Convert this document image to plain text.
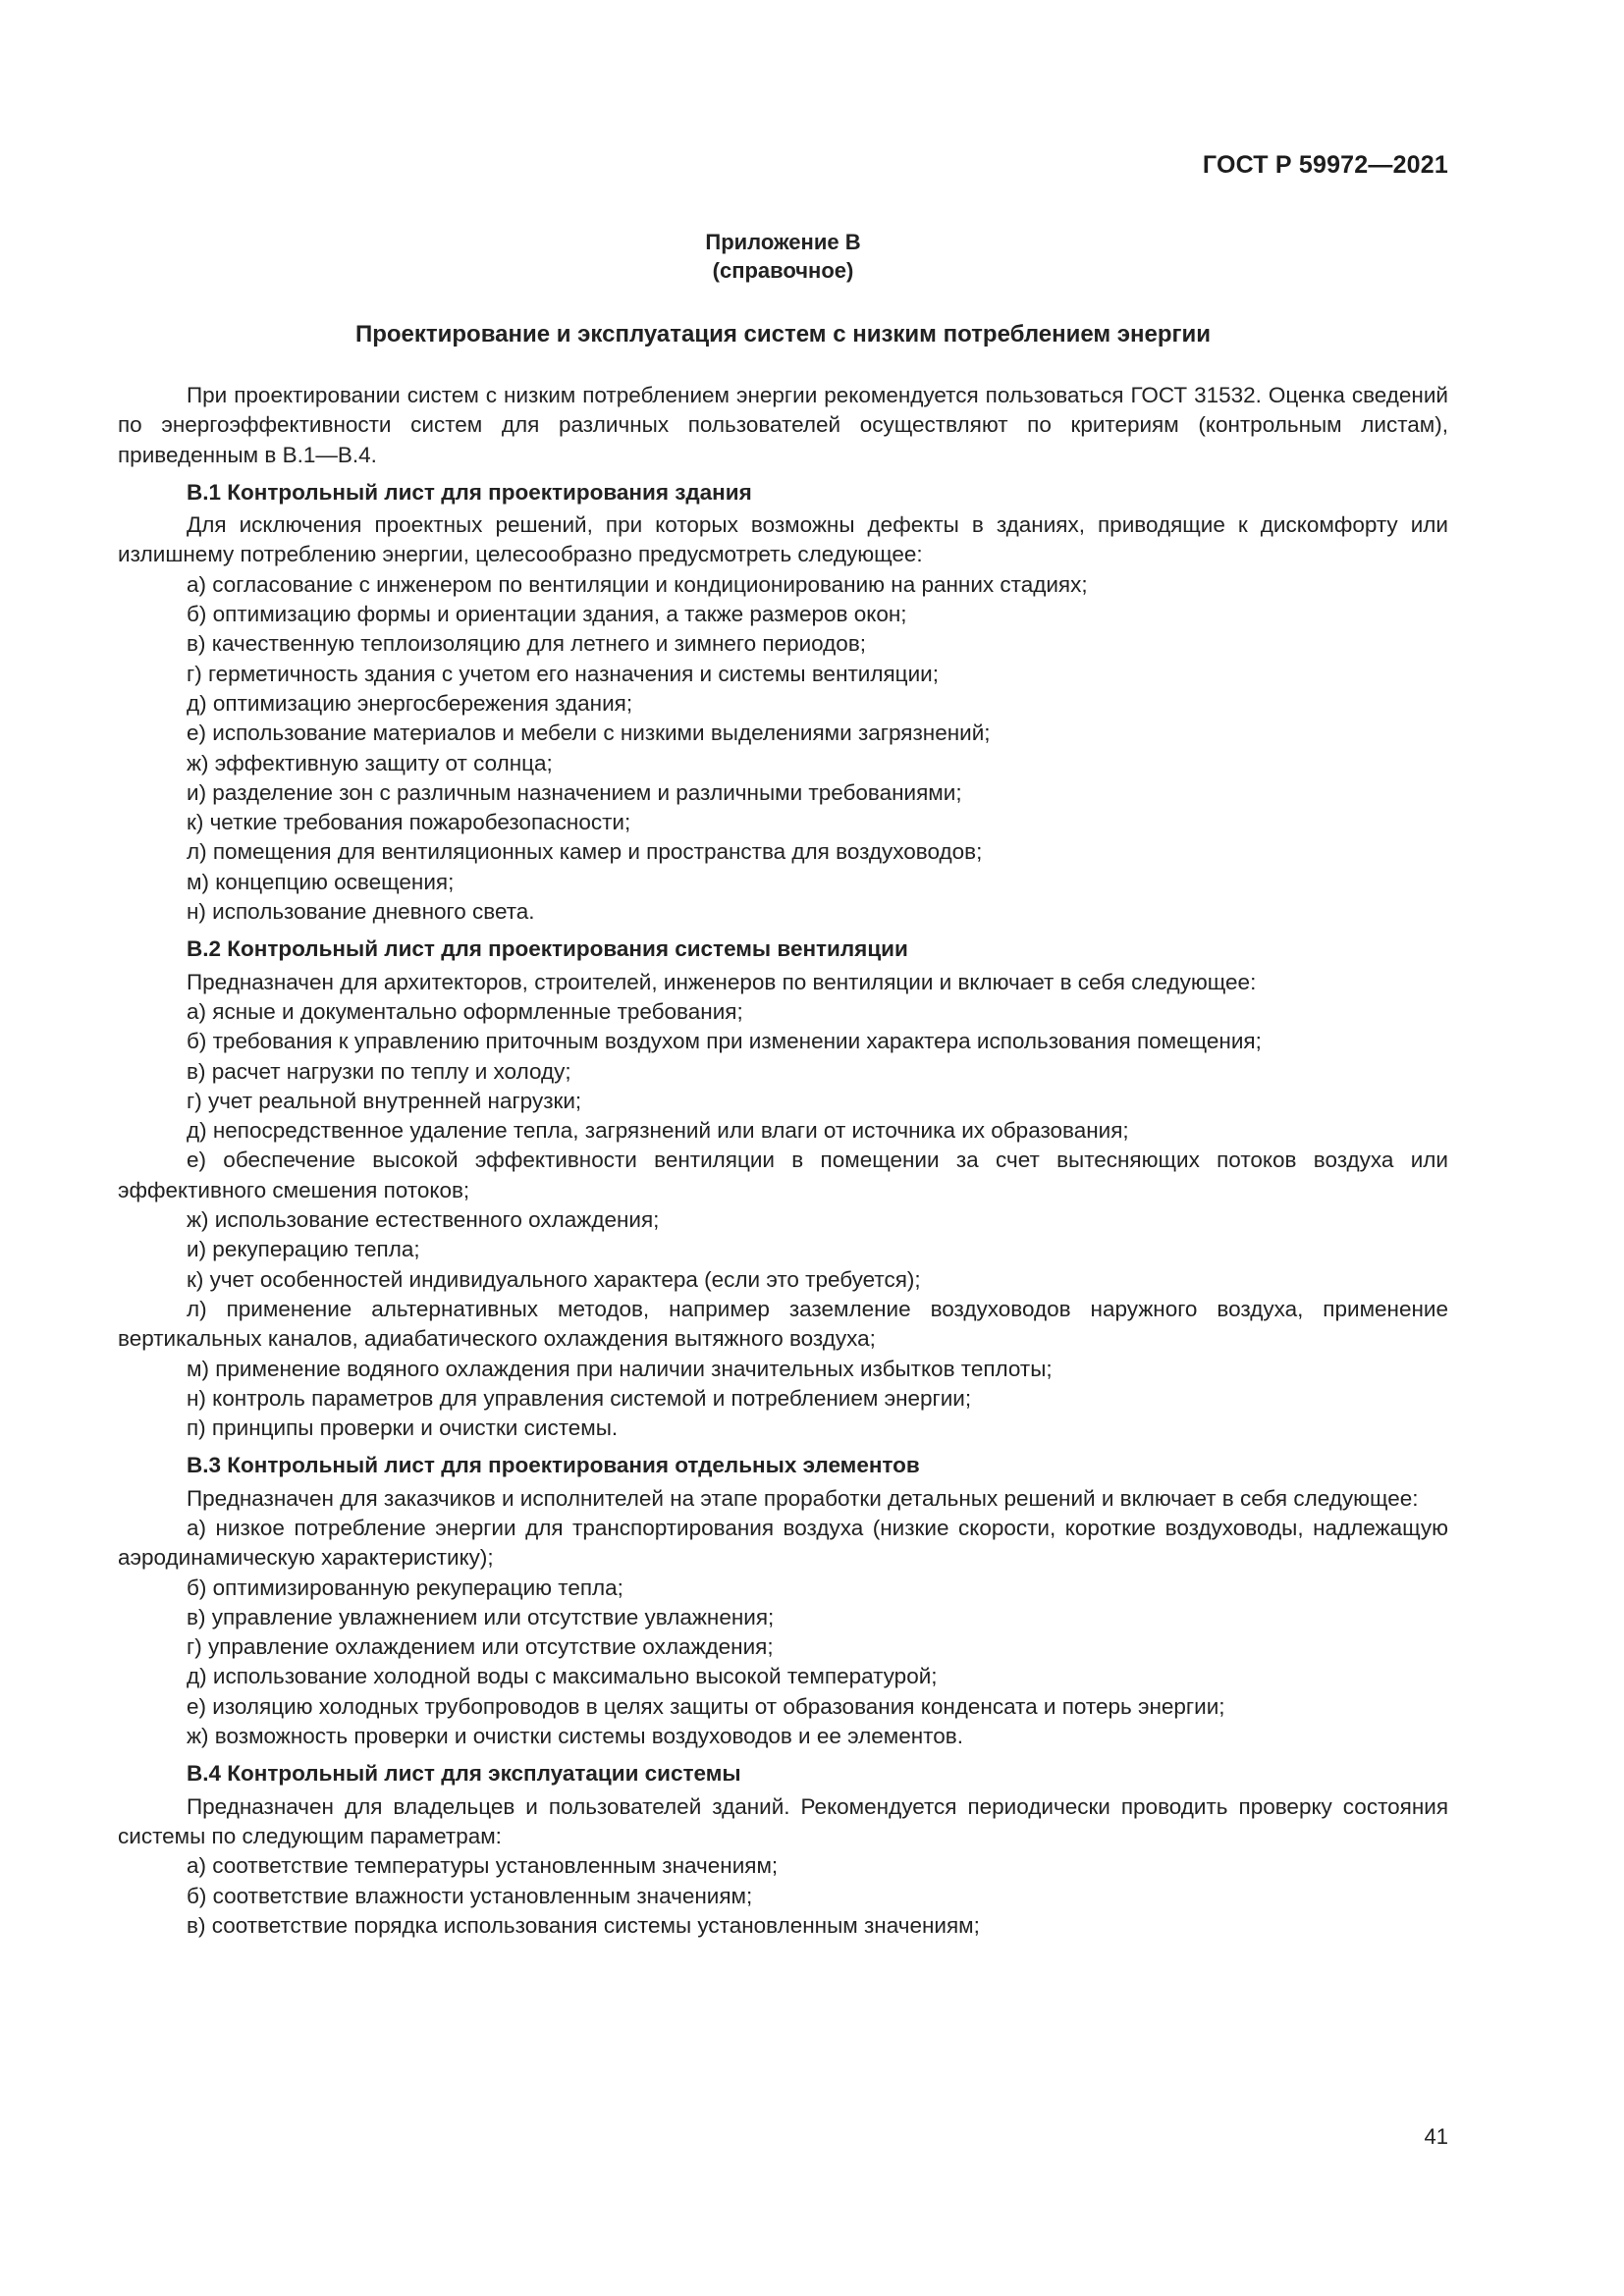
ГОСТ Р 59972—2021
Приложение В
(справочное)
Проектирование и эксплуатация систем с низким потреблением энергии

При проектировании систем с низким потреблением энергии рекомендуется пользоваться ГОСТ 31532. Оценка сведений по энергоэффективности систем для различных пользователей осуществляют по критериям (контрольным листам), приведенным в В.1—В.4.

В.1 Контрольный лист для проектирования здания

Для исключения проектных решений, при которых возможны дефекты в зданиях, приводящие к дискомфорту или излишнему потреблению энергии, целесообразно предусмотреть следующее:

а) согласование с инженером по вентиляции и кондиционированию на ранних стадиях;
б) оптимизацию формы и ориентации здания, а также размеров окон;
в) качественную теплоизоляцию для летнего и зимнего периодов;
г) герметичность здания с учетом его назначения и системы вентиляции;
д) оптимизацию энергосбережения здания;
е) использование материалов и мебели с низкими выделениями загрязнений;
ж) эффективную защиту от солнца;
и) разделение зон с различным назначением и различными требованиями;
к) четкие требования пожаробезопасности;
л) помещения для вентиляционных камер и пространства для воздуховодов;
м) концепцию освещения;
н) использование дневного света.
В.2 Контрольный лист для проектирования системы вентиляции

Предназначен для архитекторов, строителей, инженеров по вентиляции и включает в себя следующее:

а) ясные и документально оформленные требования;
б) требования к управлению приточным воздухом при изменении характера использования помещения;
в) расчет нагрузки по теплу и холоду;
г) учет реальной внутренней нагрузки;
д) непосредственное удаление тепла, загрязнений или влаги от источника их образования;
е) обеспечение высокой эффективности вентиляции в помещении за счет вытесняющих потоков воздуха или эффективного смешения потоков;
ж) использование естественного охлаждения;
и) рекуперацию тепла;
к) учет особенностей индивидуального характера (если это требуется);
л) применение альтернативных методов, например заземление воздуховодов наружного воздуха, применение вертикальных каналов, адиабатического охлаждения вытяжного воздуха;
м) применение водяного охлаждения при наличии значительных избытков теплоты;
н) контроль параметров для управления системой и потреблением энергии;
п) принципы проверки и очистки системы.
В.3 Контрольный лист для проектирования отдельных элементов

Предназначен для заказчиков и исполнителей на этапе проработки детальных решений и включает в себя следующее:

а) низкое потребление энергии для транспортирования воздуха (низкие скорости, короткие воздуховоды, надлежащую аэродинамическую характеристику);
б) оптимизированную рекуперацию тепла;
в) управление увлажнением или отсутствие увлажнения;
г) управление охлаждением или отсутствие охлаждения;
д) использование холодной воды с максимально высокой температурой;
е) изоляцию холодных трубопроводов в целях защиты от образования конденсата и потерь энергии;
ж) возможность проверки и очистки системы воздуховодов и ее элементов.
В.4 Контрольный лист для эксплуатации системы

Предназначен для владельцев и пользователей зданий. Рекомендуется периодически проводить проверку состояния системы по следующим параметрам:

а) соответствие температуры установленным значениям;
б) соответствие влажности установленным значениям;
в) соответствие порядка использования системы установленным значениям;
41
